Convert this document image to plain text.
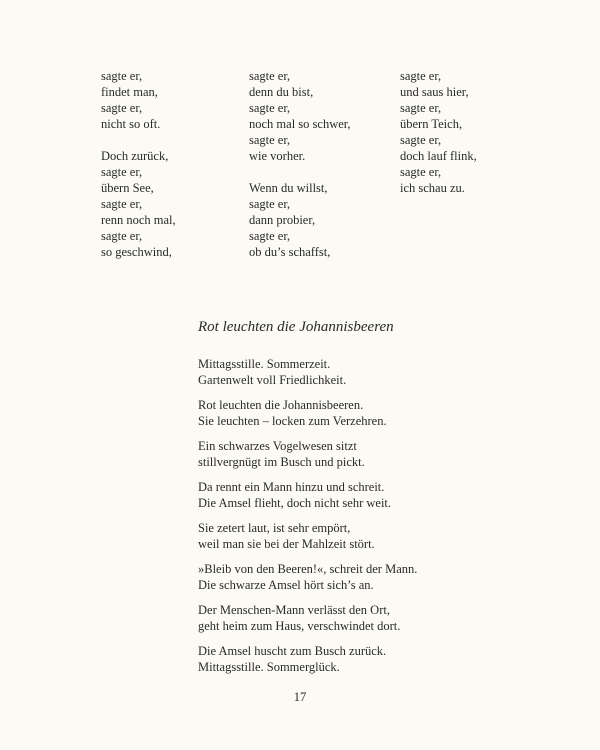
sagte er,
findet man,
sagte er,
nicht so oft.
Doch zurück,
sagte er,
übern See,
sagte er,
renn noch mal,
sagte er,
so geschwind,
sagte er,
denn du bist,
sagte er,
noch mal so schwer,
sagte er,
wie vorher.
Wenn du willst,
sagte er,
dann probier,
sagte er,
ob du’s schaffst,
sagte er,
und saus hier,
sagte er,
übern Teich,
sagte er,
doch lauf flink,
sagte er,
ich schau zu.
Rot leuchten die Johannisbeeren
Mittagsstille. Sommerzeit.
Gartenwelt voll Friedlichkeit.
Rot leuchten die Johannisbeeren.
Sie leuchten – locken zum Verzehren.
Ein schwarzes Vogelwesen sitzt
stillvergnügt im Busch und pickt.
Da rennt ein Mann hinzu und schreit.
Die Amsel flieht, doch nicht sehr weit.
Sie zetert laut, ist sehr empört,
weil man sie bei der Mahlzeit stört.
»Bleib von den Beeren!«, schreit der Mann.
Die schwarze Amsel hört sich’s an.
Der Menschen-Mann verlässt den Ort,
geht heim zum Haus, verschwindet dort.
Die Amsel huscht zum Busch zurück.
Mittagsstille. Sommerglück.
17
